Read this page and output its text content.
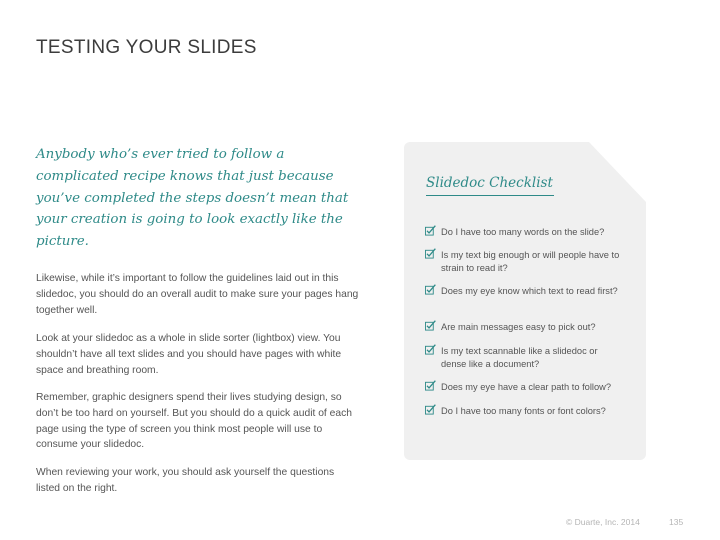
TESTING YOUR SLIDES
Anybody who’s ever tried to follow a complicated recipe knows that just because you’ve completed the steps doesn’t mean that your creation is going to look exactly like the picture.
Likewise, while it’s important to follow the guidelines laid out in this slidedoc, you should do an overall audit to make sure your pages hang together well.
Look at your slidedoc as a whole in slide sorter (lightbox) view. You shouldn’t have all text slides and you should have pages with white space and breathing room.
Remember, graphic designers spend their lives studying design, so don’t be too hard on yourself. But you should do a quick audit of each page using the type of screen you think most people will use to consume your slidedoc.
When reviewing your work, you should ask yourself the questions listed on the right.
Slidedoc Checklist
Do I have too many words on the slide?
Is my text big enough or will people have to strain to read it?
Does my eye know which text to read first?
Are main messages easy to pick out?
Is my text scannable like a slidedoc or dense like a document?
Does my eye have a clear path to follow?
Do I have too many fonts or font colors?
© Duarte, Inc. 2014	135
